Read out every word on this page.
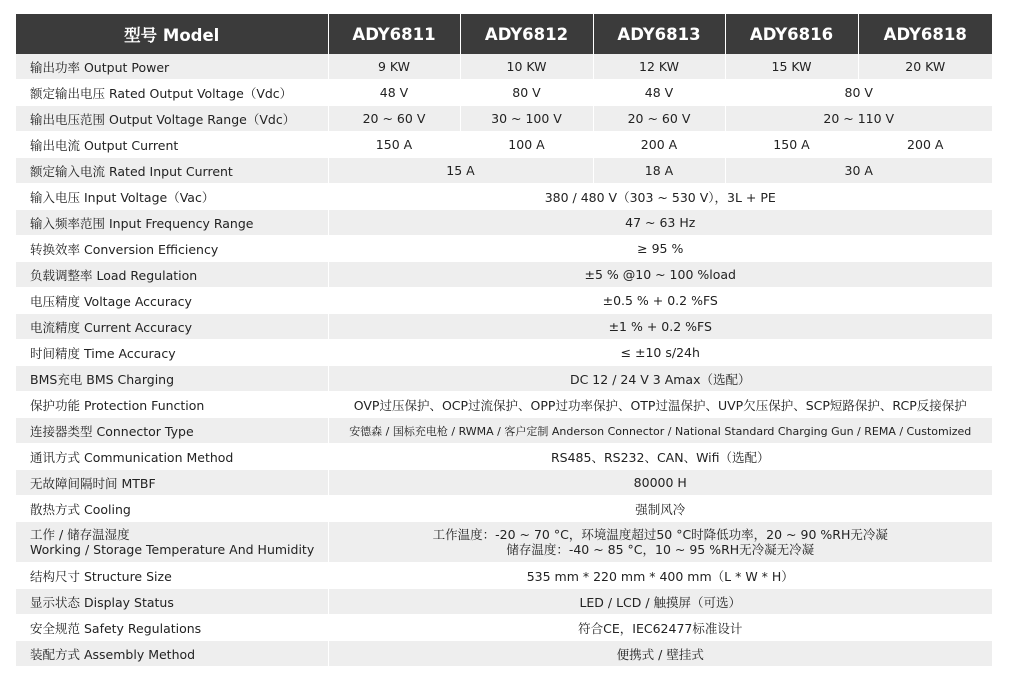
型号 Model	ADY6811	ADY6812	ADY6813	ADY6816	ADY6818
输出功率 Output Power	9 KW	10 KW	12 KW	15 KW	20 KW
额定输出电压 Rated Output Voltage（Vdc）	48 V	80 V	48 V	80 V	
输出电压范围 Output Voltage Range（Vdc）	20 ~ 60 V	30 ~ 100 V	20 ~ 60 V	20 ~ 110 V	
输出电流 Output Current	150 A	100 A	200 A	150 A	200 A
额定输入电流 Rated Input Current	15 A		18 A	30 A	
输入电压 Input Voltage（Vac）	380 / 480 V（303 ~ 530 V），3L + PE				
输入频率范围 Input Frequency Range	47 ~ 63 Hz				
转换效率 Conversion Efficiency	≥ 95 %				
负载调整率 Load Regulation	±5 % @10 ~ 100 %load				
电压精度 Voltage Accuracy	±0.5 % + 0.2 %FS				
电流精度 Current Accuracy	±1 % + 0.2 %FS				
时间精度 Time Accuracy	≤ ±10 s/24h				
BMS充电 BMS Charging	DC 12 / 24 V 3 Amax（选配）				
保护功能 Protection Function	OVP过压保护、OCP过流保护、OPP过功率保护、OTP过温保护、UVP欠压保护、SCP短路保护、RCP反接保护				
连接器类型 Connector Type	安德森 / 国标充电枪 / RWMA / 客户定制 Anderson Connector / National Standard Charging Gun / REMA / Customized				
通讯方式 Communication Method	RS485、RS232、CAN、Wifi（选配）				
无故障间隔时间 MTBF	80000 H				
散热方式 Cooling	强制风冷				

工作 / 储存温湿度
Working / Storage Temperature And Humidity	工作温度：-20 ~ 70 °C，环境温度超过50 °C时降低功率，20 ~ 90 %RH无冷凝
储存温度：-40 ~ 85 °C，10 ~ 95 %RH无冷凝无冷凝				

结构尺寸 Structure Size	535 mm * 220 mm * 400 mm（L * W * H）				
显示状态 Display Status	LED / LCD / 触摸屏（可选）				
安全规范 Safety Regulations	符合CE，IEC62477标准设计				
装配方式 Assembly Method	便携式 / 壁挂式				
